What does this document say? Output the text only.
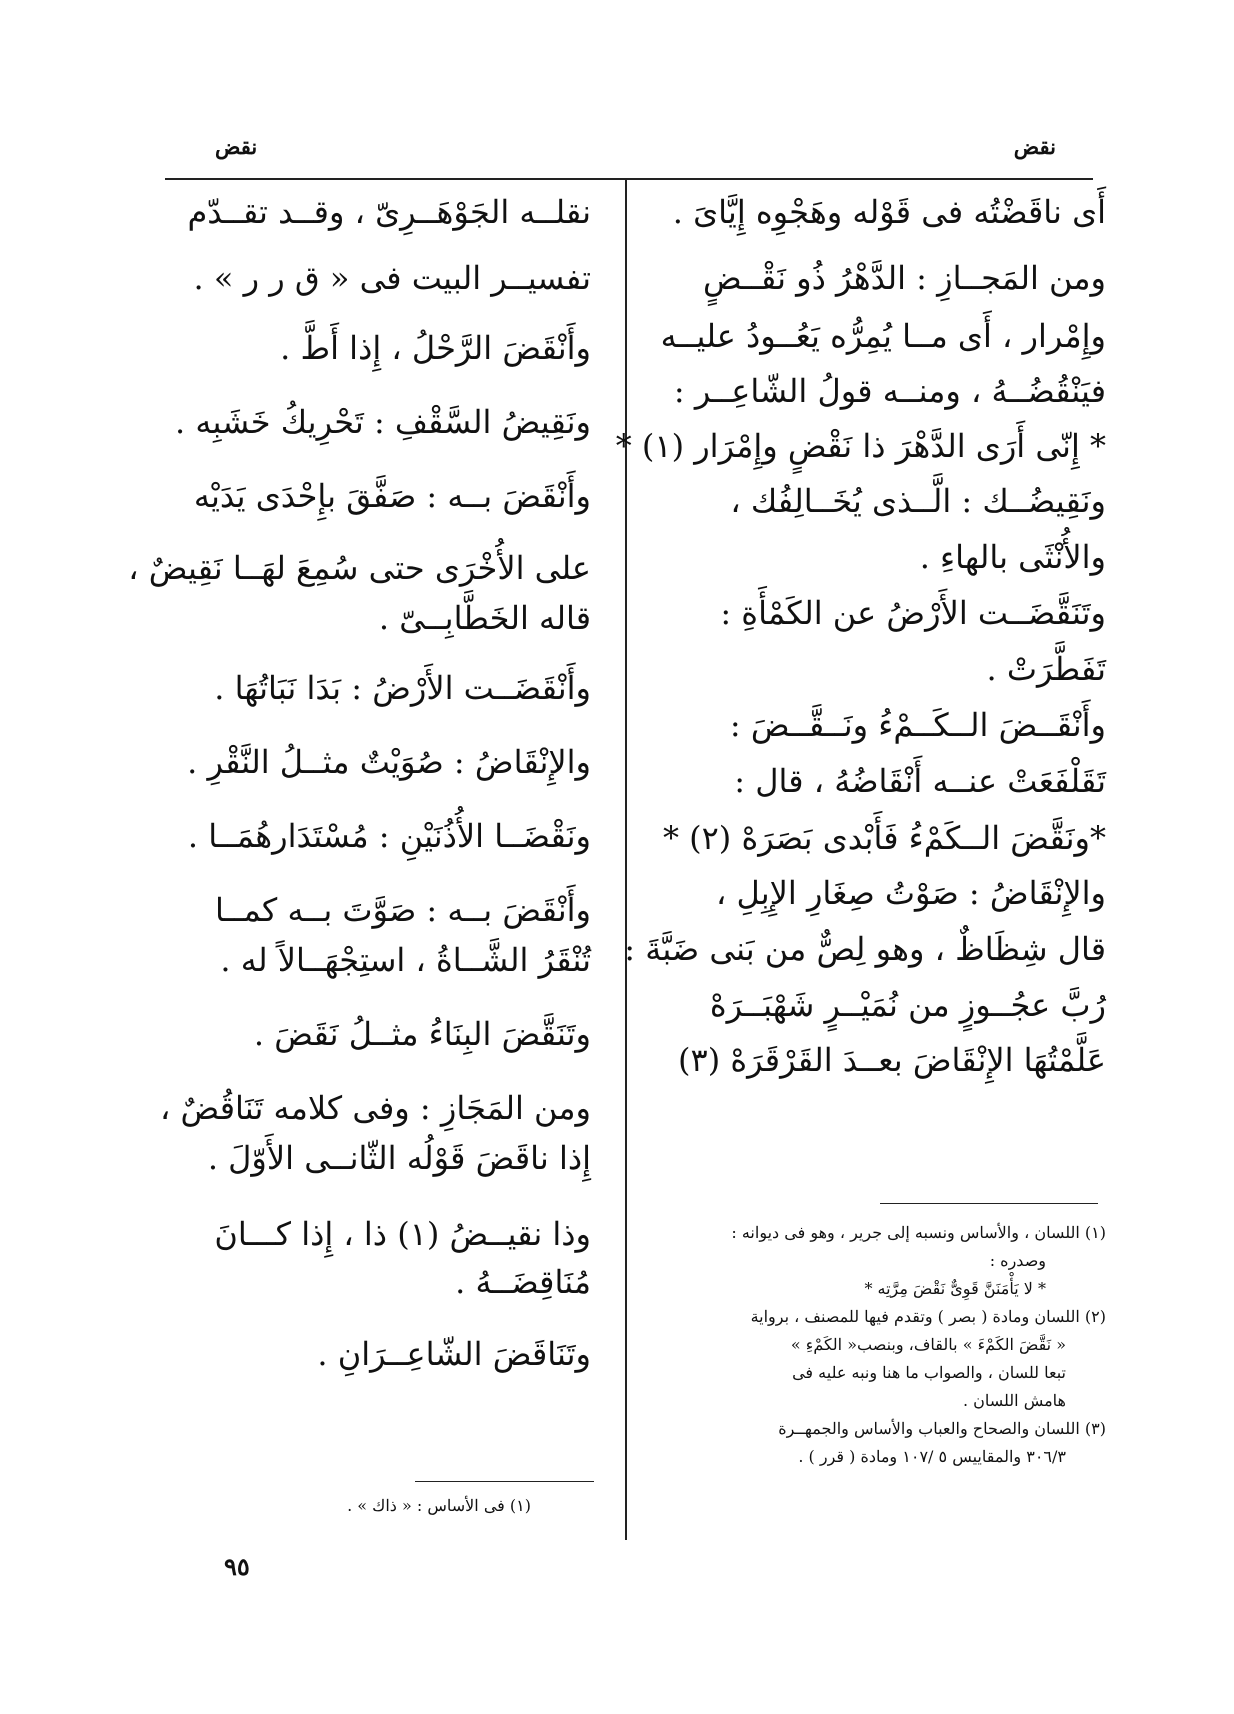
نقض
نقض
أَى ناقَضْتُه فى قَوْله وهَجْوِه إِيَّاىَ .
ومن المَجــازِ : الدَّهْرُ ذُو نَقْــضٍ
وإِمْرار ، أَى مــا يُمِرُّه يَعُــودُ عليــه
فيَنْقُضُــهُ ، ومنــه قولُ الشّاعِــر :
* إِنّى أَرَى الدَّهْرَ ذا نَقْضٍ وإِمْرَار (١) *
ونَقِيضُــك : الَّــذى يُخَــالِفُك ،
والأُنْثَى بالهاءِ .
وتَنَقَّضَــت الأَرْضُ عن الكَمْأَةِ :
تَفَطَّرَتْ .
وأَنْقَــضَ الــكَــمْءُ ونَــقَّــضَ :
تَقَلْفَعَتْ عنــه أَنْقَاضُهُ ، قال :
*ونَقَّضَ الــكَمْءُ فَأَبْدى بَصَرَهْ (٢) *
والإِنْقَاضُ : صَوْتُ صِغَارِ الإِبِلِ ،
قال شِظَاظٌ ، وهو لِصٌّ من بَنى ضَبَّةَ :
رُبَّ عجُــوزٍ من نُمَيْــرٍ شَهْبَــرَهْ
عَلَّمْتُهَا الإِنْقَاضَ بعــدَ القَرْقَرَهْ (٣)
(١) اللسان ، والأساس ونسبه إلى جرير ، وهو فى ديوانه :
وصدره :
* لا يَأْمَنَنَّ قَوِىٌّ نَقْضَ مِرَّتِه *
(٢) اللسان ومادة ( بصر ) وتقدم فيها للمصنف ، برواية
« نَقَّضَ الكَمْءَ » بالقاف، وبنصب« الكَمْءِ »
تبعا للسان ، والصواب ما هنا ونبه عليه فى
هامش اللسان .
(٣) اللسان والصحاح والعباب والأساس والجمهــرة
٣٠٦/٣ والمقاييس ٥ /١٠٧ ومادة ( قرر ) .
نقلــه الجَوْهَــرِىّ ، وقــد تقــدّم
تفسيــر البيت فى « ق ر ر » .
وأَنْقَضَ الرَّحْلُ ، إِذا أَطَّ .
ونَقِيضُ السَّقْفِ : تَحْرِيكُ خَشَبِه .
وأَنْقَضَ بــه : صَفَّقَ بإِحْدَى يَدَيْه
على الأُخْرَى حتى سُمِعَ لهَــا نَقِيضٌ ،
قاله الخَطَّابِــىّ .
وأَنْقَضَــت الأَرْضُ : بَدَا نَبَاتُهَا .
والإِنْقَاضُ : صُوَيْتٌ مثــلُ النَّقْرِ .
ونَقْضَــا الأُذُنَيْنِ : مُسْتَدَارهُمَــا .
وأَنْقَضَ بــه : صَوَّتَ بــه كمــا
تُنْقَرُ الشَّــاةُ ، استِجْهَــالاً له .
وتَنَقَّضَ البِنَاءُ مثــلُ نَقَضَ .
ومن المَجَازِ : وفى كلامه تَنَاقُضٌ ،
إِذا ناقَضَ قَوْلُه الثّانــى الأَوّلَ .
وذا نقيــضُ (١) ذا ، إِذا كـــانَ
مُنَاقِضَــهُ .
وتَنَاقَضَ الشّاعِــرَانِ .
(١) فى الأساس : « ذاك » .
٩٥
